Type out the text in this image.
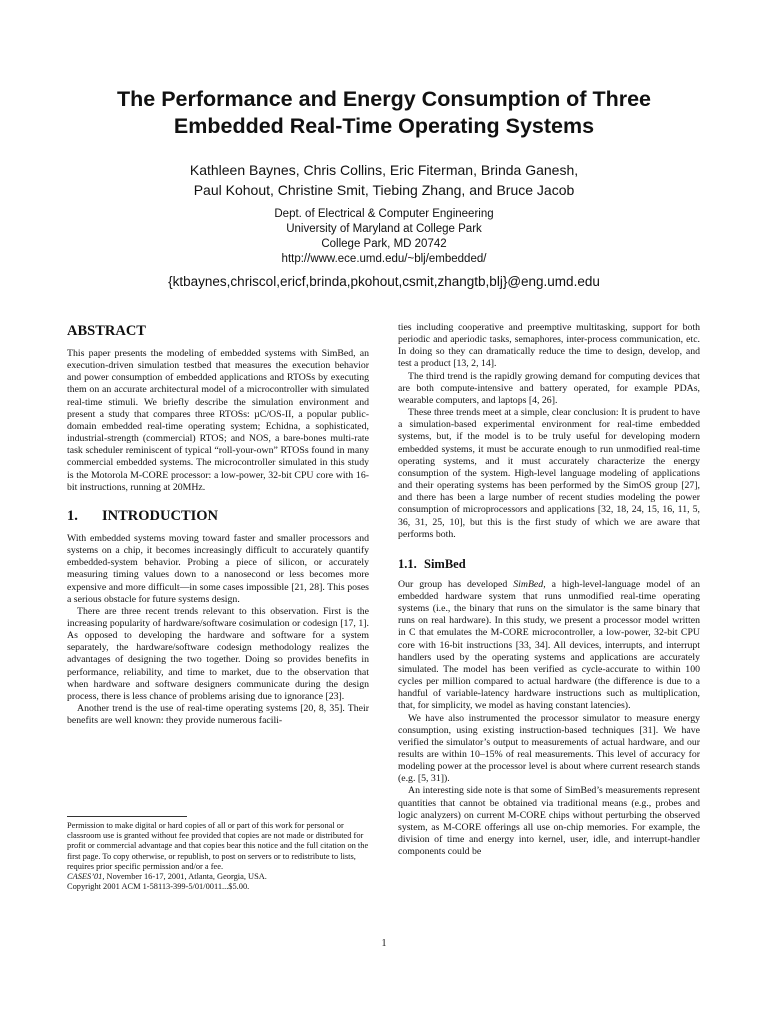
The Performance and Energy Consumption of Three
Embedded Real-Time Operating Systems
Kathleen Baynes, Chris Collins, Eric Fiterman, Brinda Ganesh,
Paul Kohout, Christine Smit, Tiebing Zhang, and Bruce Jacob
Dept. of Electrical & Computer Engineering
University of Maryland at College Park
College Park, MD 20742
http://www.ece.umd.edu/~blj/embedded/
{ktbaynes,chriscol,ericf,brinda,pkohout,csmit,zhangtb,blj}@eng.umd.edu
ABSTRACT

This paper presents the modeling of embedded systems with SimBed, an execution-driven simulation testbed that measures the execution behavior and power consumption of embedded applications and RTOSs by executing them on an accurate architectural model of a microcontroller with simulated real-time stimuli. We briefly describe the simulation environment and present a study that compares three RTOSs: µC/OS-II, a popular public-domain embedded real-time operating system; Echidna, a sophisticated, industrial-strength (commercial) RTOS; and NOS, a bare-bones multi-rate task scheduler reminiscent of typical “roll-your-own” RTOSs found in many commercial embedded systems. The microcontroller simulated in this study is the Motorola M-CORE processor: a low-power, 32-bit CPU core with 16-bit instructions, running at 20MHz.

1. INTRODUCTION

With embedded systems moving toward faster and smaller processors and systems on a chip, it becomes increasingly difficult to accurately quantify embedded-system behavior. Probing a piece of silicon, or accurately measuring timing values down to a nanosecond or less becomes more expensive and more difficult—in some cases impossible [21, 28]. This poses a serious obstacle for future systems design.

There are three recent trends relevant to this observation. First is the increasing popularity of hardware/software cosimulation or codesign [17, 1]. As opposed to developing the hardware and software for a system separately, the hardware/software codesign methodology realizes the advantages of designing the two together. Doing so provides benefits in performance, reliability, and time to market, due to the observation that when hardware and software designers communicate during the design process, there is less chance of problems arising due to ignorance [23].

Another trend is the use of real-time operating systems [20, 8, 35]. Their benefits are well known: they provide numerous facili-

Permission to make digital or hard copies of all or part of this work for personal or classroom use is granted without fee provided that copies are not made or distributed for profit or commercial advantage and that copies bear this notice and the full citation on the first page. To copy otherwise, or republish, to post on servers or to redistribute to lists, requires prior specific permission and/or a fee.

CASES’01, November 16-17, 2001, Atlanta, Georgia, USA.

Copyright 2001 ACM 1-58113-399-5/01/0011...$5.00.

ties including cooperative and preemptive multitasking, support for both periodic and aperiodic tasks, semaphores, inter-process communication, etc. In doing so they can dramatically reduce the time to design, develop, and test a product [13, 2, 14].

The third trend is the rapidly growing demand for computing devices that are both compute-intensive and battery operated, for example PDAs, wearable computers, and laptops [4, 26].

These three trends meet at a simple, clear conclusion: It is prudent to have a simulation-based experimental environment for real-time embedded systems, but, if the model is to be truly useful for developing modern embedded systems, it must be accurate enough to run unmodified real-time operating systems, and it must accurately characterize the energy consumption of the system. High-level language modeling of applications and their operating systems has been performed by the SimOS group [27], and there has been a large number of recent studies modeling the power consumption of microprocessors and applications [32, 18, 24, 15, 16, 11, 5, 36, 31, 25, 10], but this is the first study of which we are aware that performs both.

1.1. SimBed

Our group has developed SimBed, a high-level-language model of an embedded hardware system that runs unmodified real-time operating systems (i.e., the binary that runs on the simulator is the same binary that runs on real hardware). In this study, we present a processor model written in C that emulates the M-CORE microcontroller, a low-power, 32-bit CPU core with 16-bit instructions [33, 34]. All devices, interrupts, and interrupt handlers used by the operating systems and applications are accurately simulated. The model has been verified as cycle-accurate to within 100 cycles per million compared to actual hardware (the difference is due to a handful of variable-latency hardware instructions such as multiplication, that, for simplicity, we model as having constant latencies).

We have also instrumented the processor simulator to measure energy consumption, using existing instruction-based techniques [31]. We have verified the simulator’s output to measurements of actual hardware, and our results are within 10–15% of real measurements. This level of accuracy for modeling power at the processor level is about where current research stands (e.g. [5, 31]).

An interesting side note is that some of SimBed’s measurements represent quantities that cannot be obtained via traditional means (e.g., probes and logic analyzers) on current M-CORE chips without perturbing the observed system, as M-CORE offerings all use on-chip memories. For example, the division of time and energy into kernel, user, idle, and interrupt-handler components could be

1
